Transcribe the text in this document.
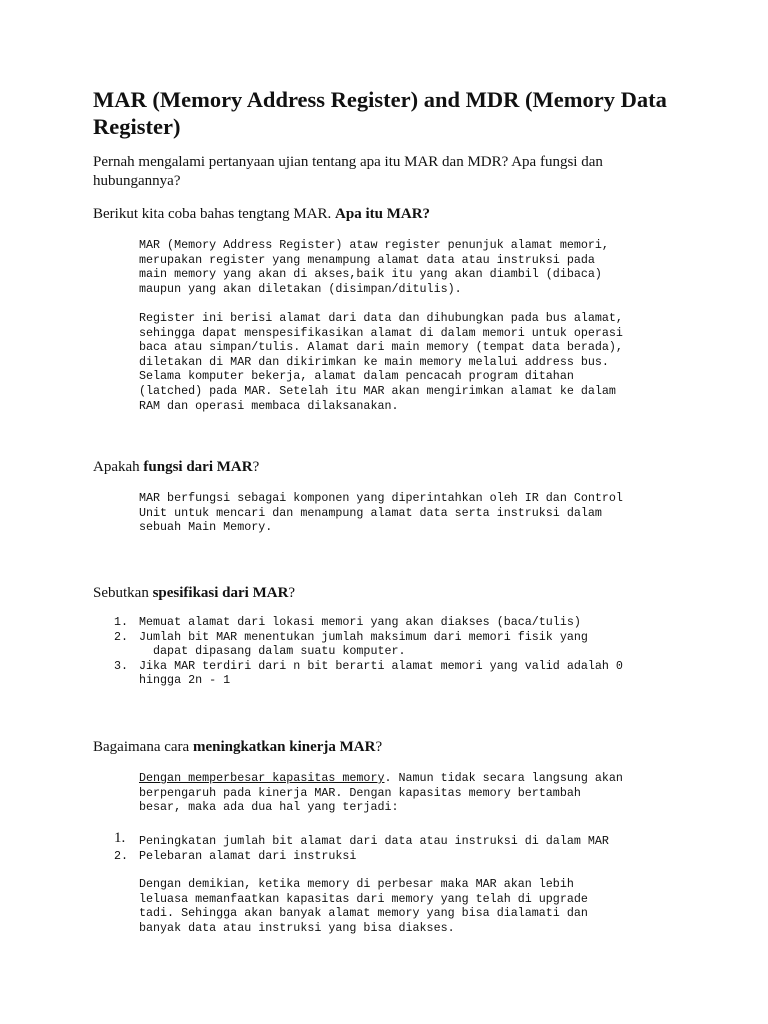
MAR (Memory Address Register) and MDR (Memory Data Register)

Pernah mengalami pertanyaan ujian tentang apa itu MAR dan MDR? Apa fungsi dan hubungannya?

Berikut kita coba bahas tengtang MAR. Apa itu MAR?

MAR (Memory Address Register) ataw register penunjuk alamat memori,
merupakan register yang menampung alamat data atau instruksi pada
main memory yang akan di akses,baik itu yang akan diambil (dibaca)
maupun yang akan diletakan (disimpan/ditulis).
Register ini berisi alamat dari data dan dihubungkan pada bus alamat,
sehingga dapat menspesifikasikan alamat di dalam memori untuk operasi
baca atau simpan/tulis. Alamat dari main memory (tempat data berada),
diletakan di MAR dan dikirimkan ke main memory melalui address bus.
Selama komputer bekerja, alamat dalam pencacah program ditahan
(latched) pada MAR. Setelah itu MAR akan mengirimkan alamat ke dalam
RAM dan operasi membaca dilaksanakan.

Apakah fungsi dari MAR?

MAR berfungsi sebagai komponen yang diperintahkan oleh IR dan Control
Unit untuk mencari dan menampung alamat data serta instruksi dalam
sebuah Main Memory.

Sebutkan spesifikasi dari MAR?

1. Memuat alamat dari lokasi memori yang akan diakses (baca/tulis)
2. Jumlah bit MAR menentukan jumlah maksimum dari memori fisik yang
dapat dipasang dalam suatu komputer.
3. Jika MAR terdiri dari n bit berarti alamat memori yang valid adalah 0
hingga 2n - 1

Bagaimana cara meningkatkan kinerja MAR?

Dengan memperbesar kapasitas memory. Namun tidak secara langsung akan
berpengaruh pada kinerja MAR. Dengan kapasitas memory bertambah
besar, maka ada dua hal yang terjadi:
1. Peningkatan jumlah bit alamat dari data atau instruksi di dalam MAR
2. Pelebaran alamat dari instruksi
Dengan demikian, ketika memory di perbesar maka MAR akan lebih
leluasa memanfaatkan kapasitas dari memory yang telah di upgrade
tadi. Sehingga akan banyak alamat memory yang bisa dialamati dan
banyak data atau instruksi yang bisa diakses.
